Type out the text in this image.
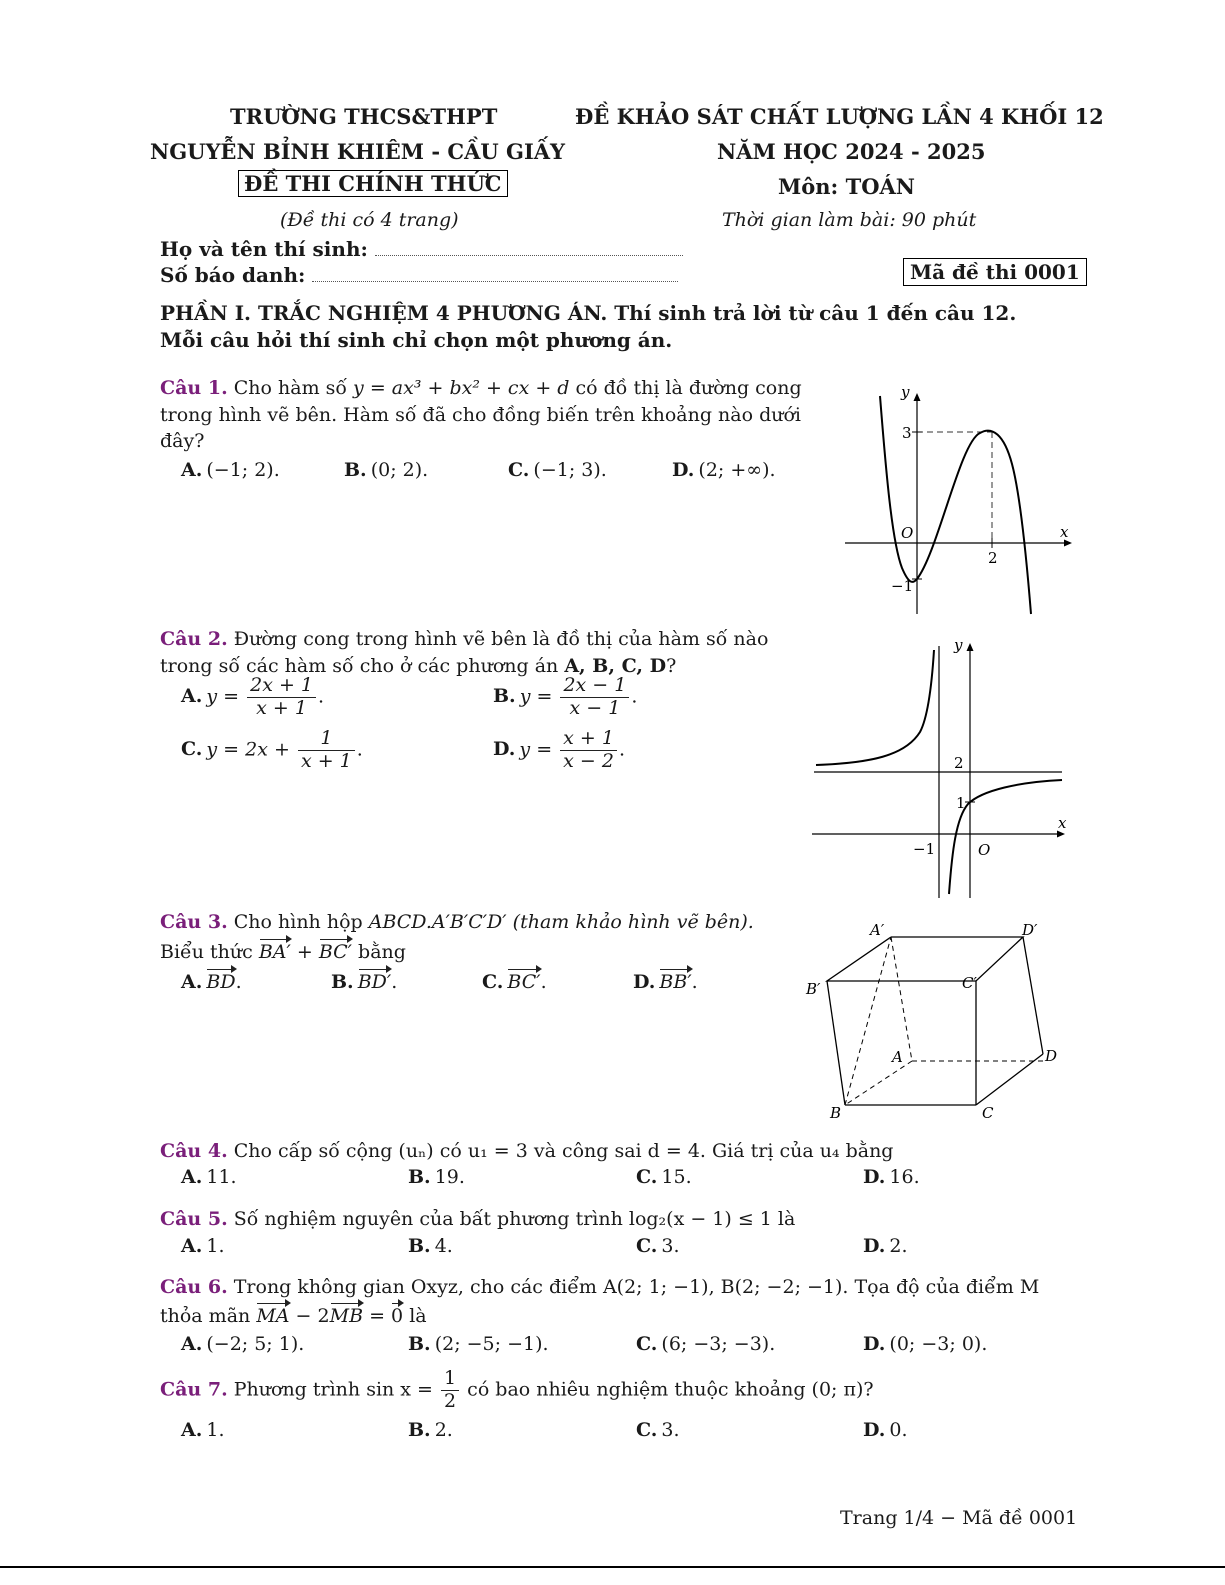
TRƯỜNG THCS&THPT
NGUYỄN BỈNH KHIÊM - CẦU GIẤY
ĐỀ THI CHÍNH THỨC
(Đề thi có 4 trang)
ĐỀ KHẢO SÁT CHẤT LƯỢNG LẦN 4 KHỐI 12
NĂM HỌC 2024 - 2025
Môn: TOÁN
Thời gian làm bài: 90 phút
Họ và tên thí sinh:
Số báo danh:	Mã đề thi 0001
PHẦN I. TRẮC NGHIỆM 4 PHƯƠNG ÁN. Thí sinh trả lời từ câu 1 đến câu 12.
Mỗi câu hỏi thí sinh chỉ chọn một phương án.
Câu 1. Cho hàm số y = ax³ + bx² + cx + d có đồ thị là đường cong
trong hình vẽ bên. Hàm số đã cho đồng biến trên khoảng nào dưới
đây?
A. (−1; 2).	B. (0; 2).	C. (−1; 3).	D. (2; +∞).
y
x
O
3
2
−1
Câu 2. Đường cong trong hình vẽ bên là đồ thị của hàm số nào
trong số các hàm số cho ở các phương án A, B, C, D?
A. $y = \frac{2x + 1}{x + 1}$ .	B. $y = \frac{2x - 1}{x - 1}$ .
C. $y = 2x + \frac{1}{x + 1}$ .	D. $y = \frac{x + 1}{x - 2}$ .
y
x
O
2
1
−1
Câu 3. Cho hình hộp ABCD.A′B′C′D′ (tham khảo hình vẽ bên).
Biểu thức BA′ + BC′ bằng
A. BD.	B. BD′.	C. BC′.	D. BB′.
A′	D′
B′	C′
A	D
B	C
Câu 4. Cho cấp số cộng (uₙ) có u₁ = 3 và công sai d = 4. Giá trị của u₄ bằng
A. 11.	B. 19.	C. 15.	D. 16.
Câu 5. Số nghiệm nguyên của bất phương trình log₂(x − 1) ≤ 1 là
A. 1.	B. 4.	C. 3.	D. 2.
Câu 6. Trong không gian Oxyz, cho các điểm A(2; 1; −1), B(2; −2; −1). Tọa độ của điểm M
thỏa mãn MA − 2MB = 0 là
A. (−2; 5; 1).	B. (2; −5; −1).	C. (6; −3; −3).	D. (0; −3; 0).
Câu 7. Phương trình $\sin x = \frac{1}{2}$ có bao nhiêu nghiệm thuộc khoảng (0; π)?
A. 1.	B. 2.	C. 3.	D. 0.
Trang 1/4 − Mã đề 0001
